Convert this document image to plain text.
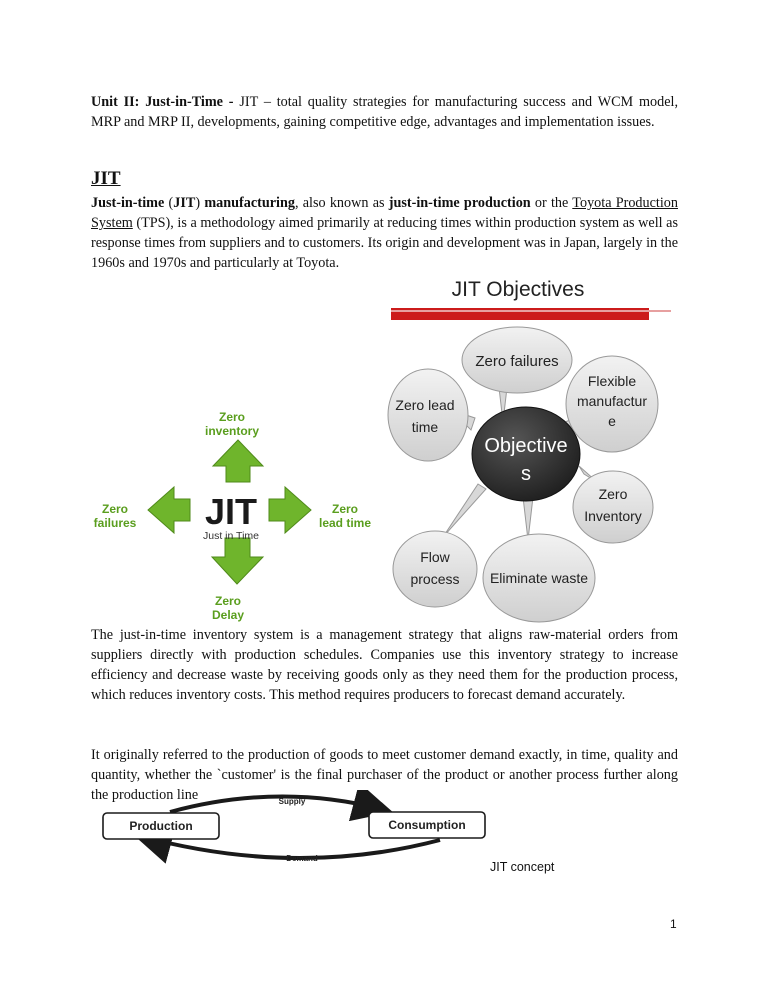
Unit II: Just-in-Time - JIT – total quality strategies for manufacturing success and WCM model, MRP and MRP II, developments, gaining competitive edge, advantages and implementation issues.
JIT
Just-in-time (JIT) manufacturing, also known as just-in-time production or the Toyota Production System (TPS), is a methodology aimed primarily at reducing times within production system as well as response times from suppliers and to customers. Its origin and development was in Japan, largely in the 1960s and 1970s and particularly at Toyota.
JIT
Just in Time
Zero
inventory
Zero
failures
Zero
lead time
Zero
Delay
JIT Objectives
Zero failures
Flexible
manufactur
e
Zero lead
time
Zero
Inventory
Flow
process Eliminate waste
Objective
s
The just-in-time inventory system is a management strategy that aligns raw-material orders from suppliers directly with production schedules. Companies use this inventory strategy to increase efficiency and decrease waste by receiving goods only as they need them for the production process, which reduces inventory costs. This method requires producers to forecast demand accurately.
It originally referred to the production of goods to meet customer demand exactly, in time, quality and quantity, whether the `customer' is the final purchaser of the product or another process further along the production line
Production	Consumption
Supply
Demand
JIT concept
1
